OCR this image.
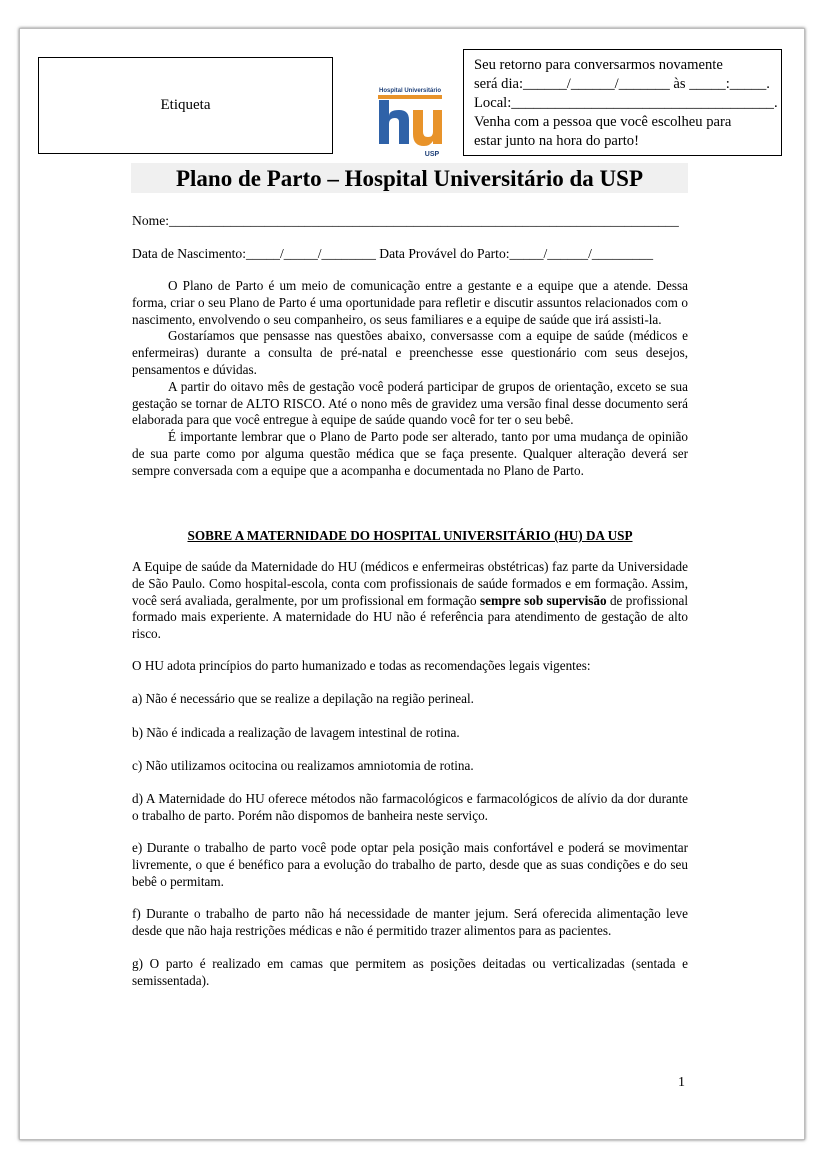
Etiqueta
Hospital Universitário
USP
Seu retorno para conversarmos novamente
será dia:______/______/_______ às _____:_____.
Local:____________________________________.
Venha com a pessoa que você escolheu para
estar junto na hora do parto!
Plano de Parto – Hospital Universitário da USP
Nome:___________________________________________________________________________
Data de Nascimento:_____/_____/________ Data Provável do Parto:_____/______/_________

O Plano de Parto é um meio de comunicação entre a gestante e a equipe que a atende. Dessa forma, criar o seu Plano de Parto é uma oportunidade para refletir e discutir assuntos relacionados com o nascimento, envolvendo o seu companheiro, os seus familiares e a equipe de saúde que irá assisti-la.

Gostaríamos que pensasse nas questões abaixo, conversasse com a equipe de saúde (médicos e enfermeiras) durante a consulta de pré-natal e preenchesse esse questionário com seus desejos, pensamentos e dúvidas.

A partir do oitavo mês de gestação você poderá participar de grupos de orientação, exceto se sua gestação se tornar de ALTO RISCO. Até o nono mês de gravidez uma versão final desse documento será elaborada para que você entregue à equipe de saúde quando você for ter o seu bebê.

É importante lembrar que o Plano de Parto pode ser alterado, tanto por uma mudança de opinião de sua parte como por alguma questão médica que se faça presente. Qualquer alteração deverá ser sempre conversada com a equipe que a acompanha e documentada no Plano de Parto.

SOBRE A MATERNIDADE DO HOSPITAL UNIVERSITÁRIO (HU) DA USP
A Equipe de saúde da Maternidade do HU (médicos e enfermeiras obstétricas) faz parte da Universidade de São Paulo. Como hospital-escola, conta com profissionais de saúde formados e em formação. Assim, você será avaliada, geralmente, por um profissional em formação sempre sob supervisão de profissional formado mais experiente. A maternidade do HU não é referência para atendimento de gestação de alto risco.
O HU adota princípios do parto humanizado e todas as recomendações legais vigentes:
a) Não é necessário que se realize a depilação na região perineal.
b) Não é indicada a realização de lavagem intestinal de rotina.
c) Não utilizamos ocitocina ou realizamos amniotomia de rotina.
d) A Maternidade do HU oferece métodos não farmacológicos e farmacológicos de alívio da dor durante o trabalho de parto. Porém não dispomos de banheira neste serviço.
e) Durante o trabalho de parto você pode optar pela posição mais confortável e poderá se movimentar livremente, o que é benéfico para a evolução do trabalho de parto, desde que as suas condições e do seu bebê o permitam.
f) Durante o trabalho de parto não há necessidade de manter jejum. Será oferecida alimentação leve desde que não haja restrições médicas e não é permitido trazer alimentos para as pacientes.
g) O parto é realizado em camas que permitem as posições deitadas ou verticalizadas (sentada e semissentada).
1
